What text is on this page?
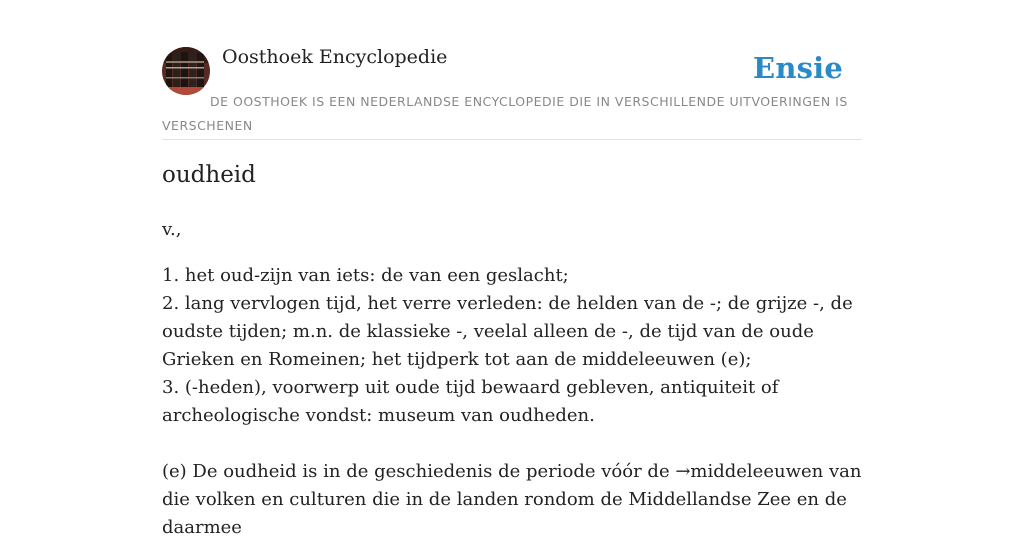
Oosthoek Encyclopedie	Ensie
DE OOSTHOEK IS EEN NEDERLANDSE ENCYCLOPEDIE DIE IN VERSCHILLENDE UITVOERINGEN IS VERSCHENEN
oudheid

v.,

1. het oud-zijn van iets: de van een geslacht;

2. lang vervlogen tijd, het verre verleden: de helden van de -; de grijze -, de oudste tijden; m.n. de klassieke -, veelal alleen de -, de tijd van de oude Grieken en Romeinen; het tijdperk tot aan de middeleeuwen (e);

3. (-heden), voorwerp uit oude tijd bewaard gebleven, antiquiteit of archeologische vondst: museum van oudheden.

(e) De oudheid is in de geschiedenis de periode vóór de →middeleeuwen van die volken en culturen die in de landen rondom de Middellandse Zee en de daarmee
